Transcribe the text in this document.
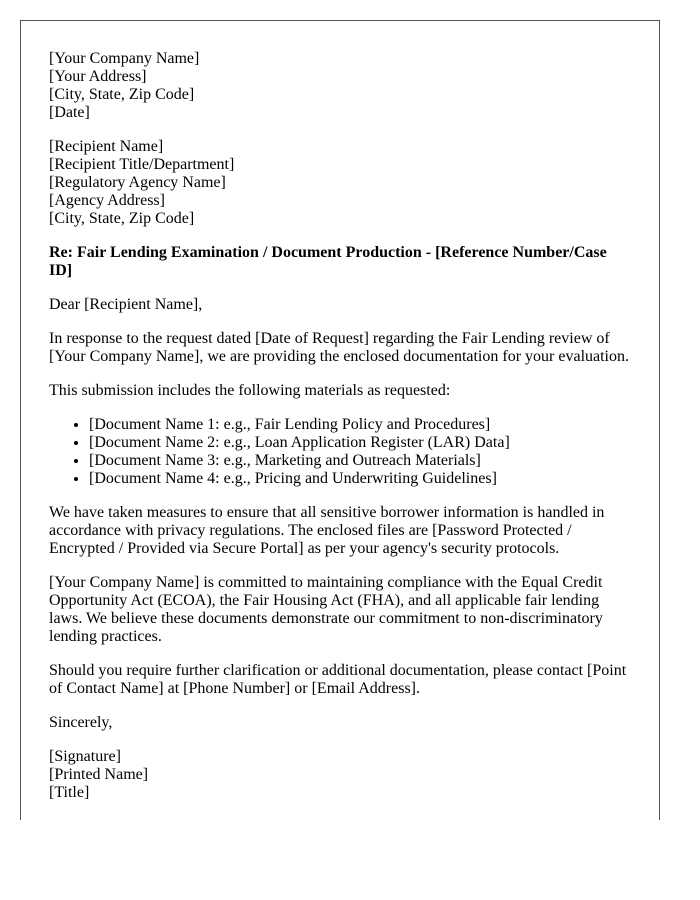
[Your Company Name]
[Your Address]
[City, State, Zip Code]
[Date]
[Recipient Name]
[Recipient Title/Department]
[Regulatory Agency Name]
[Agency Address]
[City, State, Zip Code]
Re: Fair Lending Examination / Document Production - [Reference Number/Case ID]

Dear [Recipient Name],

In response to the request dated [Date of Request] regarding the Fair Lending review of [Your Company Name], we are providing the enclosed documentation for your evaluation.

This submission includes the following materials as requested:

• [Document Name 1: e.g., Fair Lending Policy and Procedures]
• [Document Name 2: e.g., Loan Application Register (LAR) Data]
• [Document Name 3: e.g., Marketing and Outreach Materials]
• [Document Name 4: e.g., Pricing and Underwriting Guidelines]

We have taken measures to ensure that all sensitive borrower information is handled in accordance with privacy regulations. The enclosed files are [Password Protected / Encrypted / Provided via Secure Portal] as per your agency's security protocols.

[Your Company Name] is committed to maintaining compliance with the Equal Credit Opportunity Act (ECOA), the Fair Housing Act (FHA), and all applicable fair lending laws. We believe these documents demonstrate our commitment to non-discriminatory lending practices.

Should you require further clarification or additional documentation, please contact [Point of Contact Name] at [Phone Number] or [Email Address].

Sincerely,

[Signature]
[Printed Name]
[Title]
